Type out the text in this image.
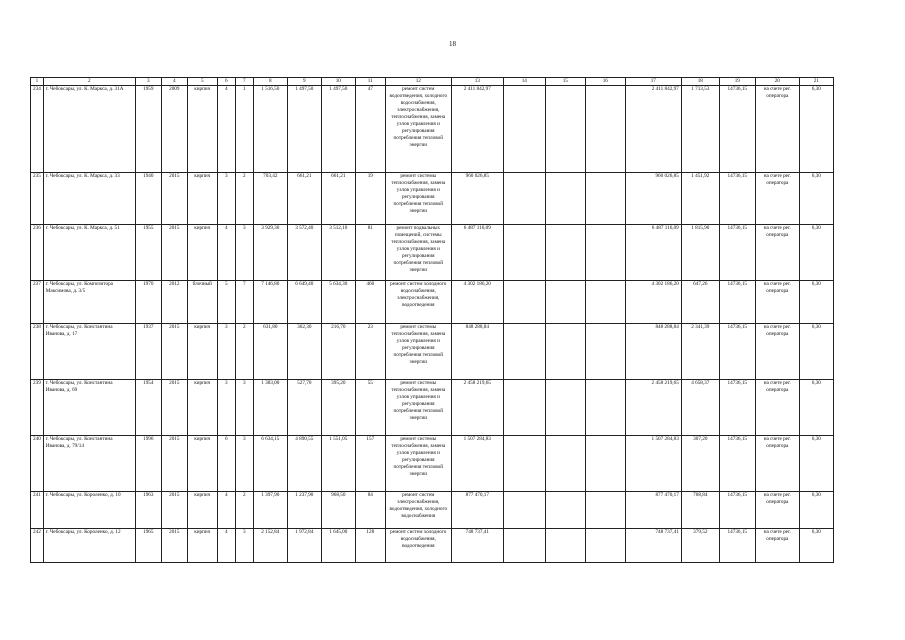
18
1	2	3	4	5	6	7	8	9	10	11	12	13	14	15	16	17	18	19	20	21
234	г. Чебоксары, ул. К. Маркса, д. 31А	1959	2009	кирпич	4	1	1 516,50	1 497,50	1 497,50	47	ремонт систем водоотведения, холодного водоснабжения, электроснабжения, теплоснабжения, замена узлов управления и регулирования потребления тепловой энергии	2 411 842,97				2 411 842,97	1 713,53	14736,15	на счете рег. оператора	6,30
235	г. Чебоксары, ул. К. Маркса, д. 33	1940	2015	кирпич	3	2	703,42	661,21	661,21	19	ремонт системы теплоснабжения, замена узлов управления и регулирования потребления тепловой энергии	960 026,85				960 026,85	1 451,92	14736,15	на счете рег. оператора	6,30
236	г. Чебоксары, ул. К. Маркса, д. 51	1955	2015	кирпич	4	3	3 929,30	3 572,40	3 512,10	81	ремонт подвальных помещений, системы теплоснабжения, замена узлов управления и регулирования потребления тепловой энергии	6 487 116,09				6 487 116,09	1 815,90	14736,15	на счете рег. оператора	6,30
237	г. Чебоксары, ул. Композитора Максимова, д. 3/5	1970	2012	блочный	5	7	7 146,80	6 649,40	5 634,30	460	ремонт систем холодного водоснабжения, электроснабжения, водоотведения	4 302 186,20				4 302 186,20	647,26	14736,15	на счете рег. оператора	6,30
238	г. Чебоксары, ул. Константина Иванова, д. 17	1937	2015	кирпич	3	2	631,80	362,30	216,70	23	ремонт системы теплоснабжения, замена узлов управления и регулирования потребления тепловой энергии	848 288,84				848 288,84	2 341,39	14736,15	на счете рег. оператора	6,30
239	г. Чебоксары, ул. Константина Иванова, д. 69	1954	2015	кирпич	3	3	1 383,00	527,70	395,20	55	ремонт системы теплоснабжения, замена узлов управления и регулирования потребления тепловой энергии	2 458 219,65				2 458 219,65	4 658,37	14736,15	на счете рег. оператора	6,30
240	г. Чебоксары, ул. Константина Иванова, д. 79/14	1996	2015	кирпич	6	3	6 634,15	4 890,55	1 551,05	157	ремонт системы теплоснабжения, замена узлов управления и регулирования потребления тепловой энергии	1 507 284,83				1 507 284,83	307,20	14736,15	на счете рег. оператора	6,30
241	г. Чебоксары, ул. Короленко, д. 10	1963	2015	кирпич	4	2	1 397,90	1 237,90	968,50	84	ремонт систем электроснабжения, водоотведения, холодного водоснабжения	877 470,17				877 470,17	708,84	14736,15	на счете рег. оператора	6,30
242	г. Чебоксары, ул. Короленко, д. 12	1965	2015	кирпич	4	3	2 152,84	1 972,84	1 645,00	128	ремонт систем холодного водоснабжения, водоотведения	748 737,41				748 737,41	379,52	14736,15	на счете рег. оператора	6,30
